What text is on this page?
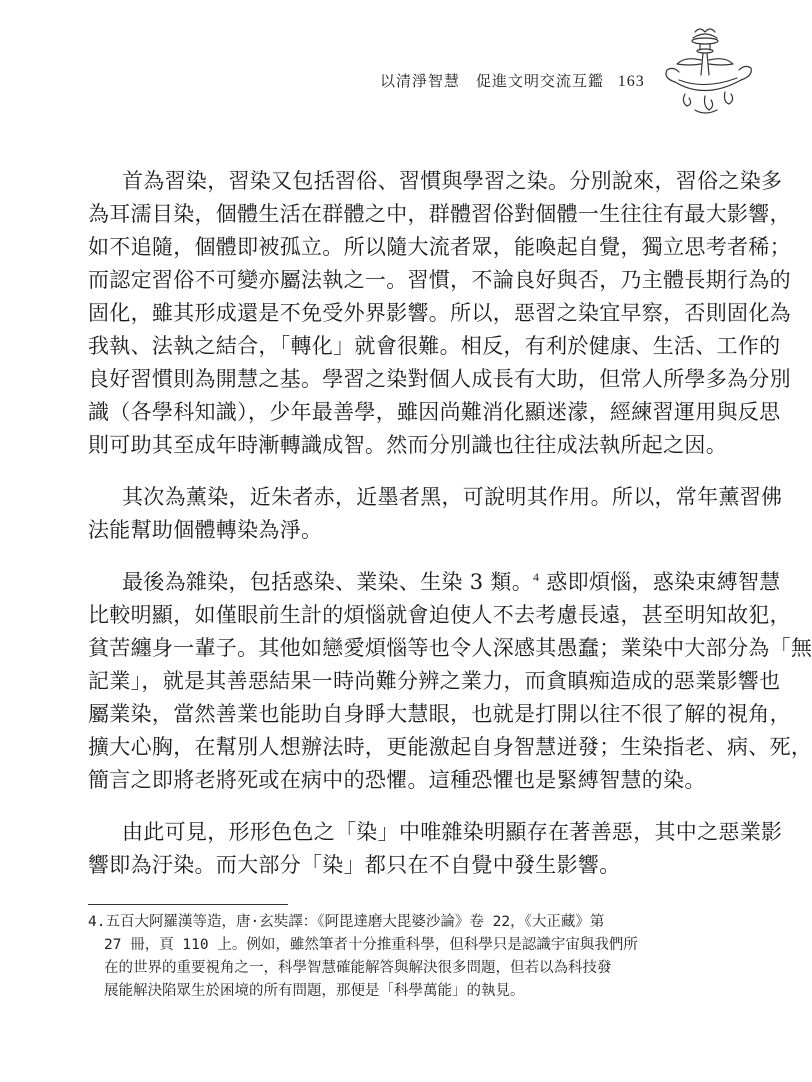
以清淨智慧　促進文明交流互鑑 163

首為習染，習染又包括習俗、習慣與學習之染。分別說來，習俗之染多
為耳濡目染，個體生活在群體之中，群體習俗對個體一生往往有最大影響，
如不追隨，個體即被孤立。所以隨大流者眾，能喚起自覺，獨立思考者稀；
而認定習俗不可變亦屬法執之一。習慣，不論良好與否，乃主體長期行為的
固化，雖其形成還是不免受外界影響。所以，惡習之染宜早察，否則固化為
我執、法執之結合，「轉化」就會很難。相反，有利於健康、生活、工作的
良好習慣則為開慧之基。學習之染對個人成長有大助，但常人所學多為分別
識（各學科知識），少年最善學，雖因尚難消化顯迷濛，經練習運用與反思
則可助其至成年時漸轉識成智。然而分別識也往往成法執所起之因。

其次為薰染，近朱者赤，近墨者黑，可說明其作用。所以，常年薰習佛
法能幫助個體轉染為淨。

最後為雜染，包括惑染、業染、生染 3 類。$^4$ 惑即煩惱，惑染束縛智慧
比較明顯，如僅眼前生計的煩惱就會迫使人不去考慮長遠，甚至明知故犯，
貧苦纏身一輩子。其他如戀愛煩惱等也令人深感其愚蠢；業染中大部分為「無
記業」，就是其善惡結果一時尚難分辨之業力，而貪瞋痴造成的惡業影響也
屬業染，當然善業也能助自身睜大慧眼，也就是打開以往不很了解的視角，
擴大心胸，在幫別人想辦法時，更能激起自身智慧迸發；生染指老、病、死，
簡言之即將老將死或在病中的恐懼。這種恐懼也是緊縛智慧的染。

由此可見，形形色色之「染」中唯雜染明顯存在著善惡，其中之惡業影
響即為汙染。而大部分「染」都只在不自覺中發生影響。

4.五百大阿羅漢等造，唐·玄奘譯：《阿毘達磨大毘婆沙論》卷 22，《大正藏》第
27 冊，頁 110 上。例如，雖然筆者十分推重科學，但科學只是認識宇宙與我們所
在的世界的重要視角之一，科學智慧確能解答與解決很多問題，但若以為科技發
展能解決陷眾生於困境的所有問題，那便是「科學萬能」的執見。
